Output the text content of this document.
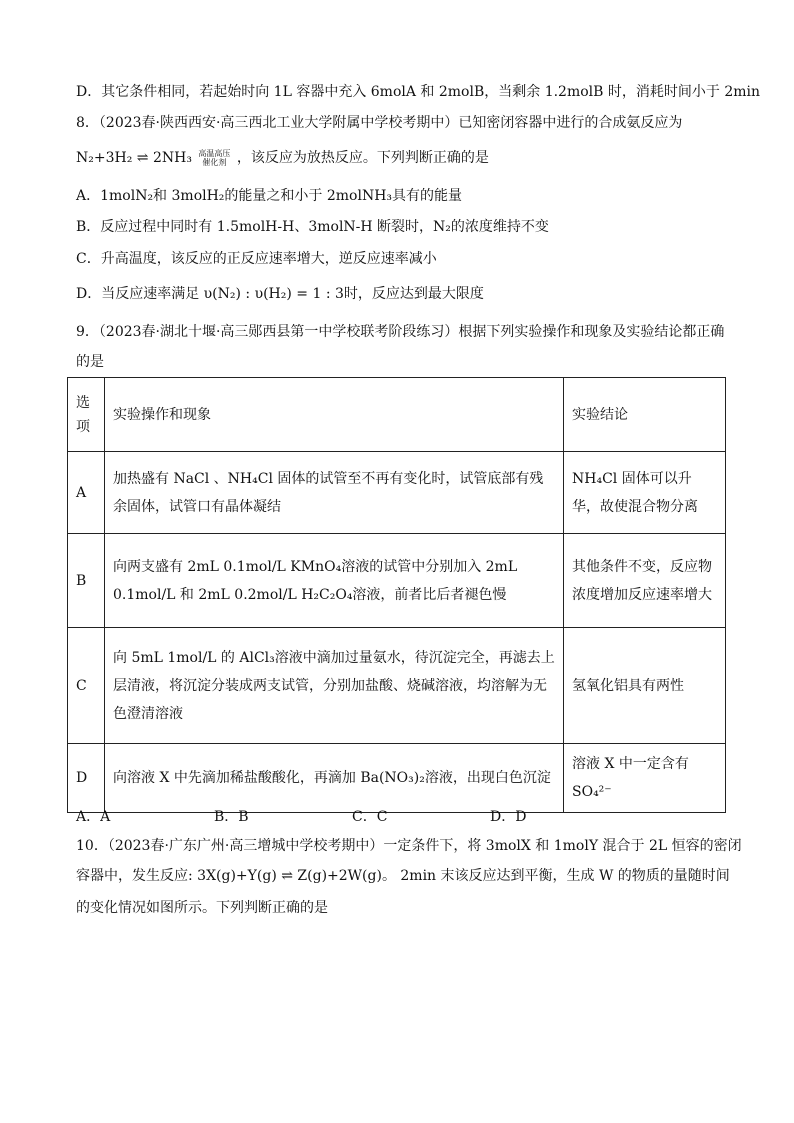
D．其它条件相同，若起始时向 1L 容器中充入 6molA 和 2molB，当剩余 1.2molB 时，消耗时间小于 2min
8．（2023春·陕西西安·高三西北工业大学附属中学校考期中）已知密闭容器中进行的合成氨反应为
N₂+3H₂ ⇌ 2NH₃ 高温高压
催化剂 ，该反应为放热反应。下列判断正确的是
A．1molN₂和 3molH₂的能量之和小于 2molNH₃具有的能量
B．反应过程中同时有 1.5molH-H、3molN-H 断裂时，N₂的浓度维持不变
C．升高温度，该反应的正反应速率增大，逆反应速率减小
D．当反应速率满足 υ(N₂) : υ(H₂) = 1 : 3时，反应达到最大限度
9．（2023春·湖北十堰·高三郧西县第一中学校联考阶段练习）根据下列实验操作和现象及实验结论都正确
的是
选项	实验操作和现象	实验结论
A	加热盛有 NaCl 、NH₄Cl 固体的试管至不再有变化时，试管底部有残余固体，试管口有晶体凝结	NH₄Cl 固体可以升华，故使混合物分离
B	向两支盛有 2mL 0.1mol/L KMnO₄溶液的试管中分别加入 2mL 0.1mol/L 和 2mL 0.2mol/L H₂C₂O₄溶液，前者比后者褪色慢	其他条件不变，反应物浓度增加反应速率增大
C	向 5mL 1mol/L 的 AlCl₃溶液中滴加过量氨水，待沉淀完全，再滤去上层清液，将沉淀分装成两支试管，分别加盐酸、烧碱溶液，均溶解为无色澄清溶液	氢氧化铝具有两性
D	向溶液 X 中先滴加稀盐酸酸化，再滴加 Ba(NO₃)₂溶液，出现白色沉淀	溶液 X 中一定含有 SO₄²⁻
A．A	B．B	C．C	D．D
10．（2023春·广东广州·高三增城中学校考期中）一定条件下，将 3molX 和 1molY 混合于 2L 恒容的密闭
容器中，发生反应: 3X(g)+Y(g) ⇌ Z(g)+2W(g)。 2min 末该反应达到平衡，生成 W 的物质的量随时间
的变化情况如图所示。下列判断正确的是
